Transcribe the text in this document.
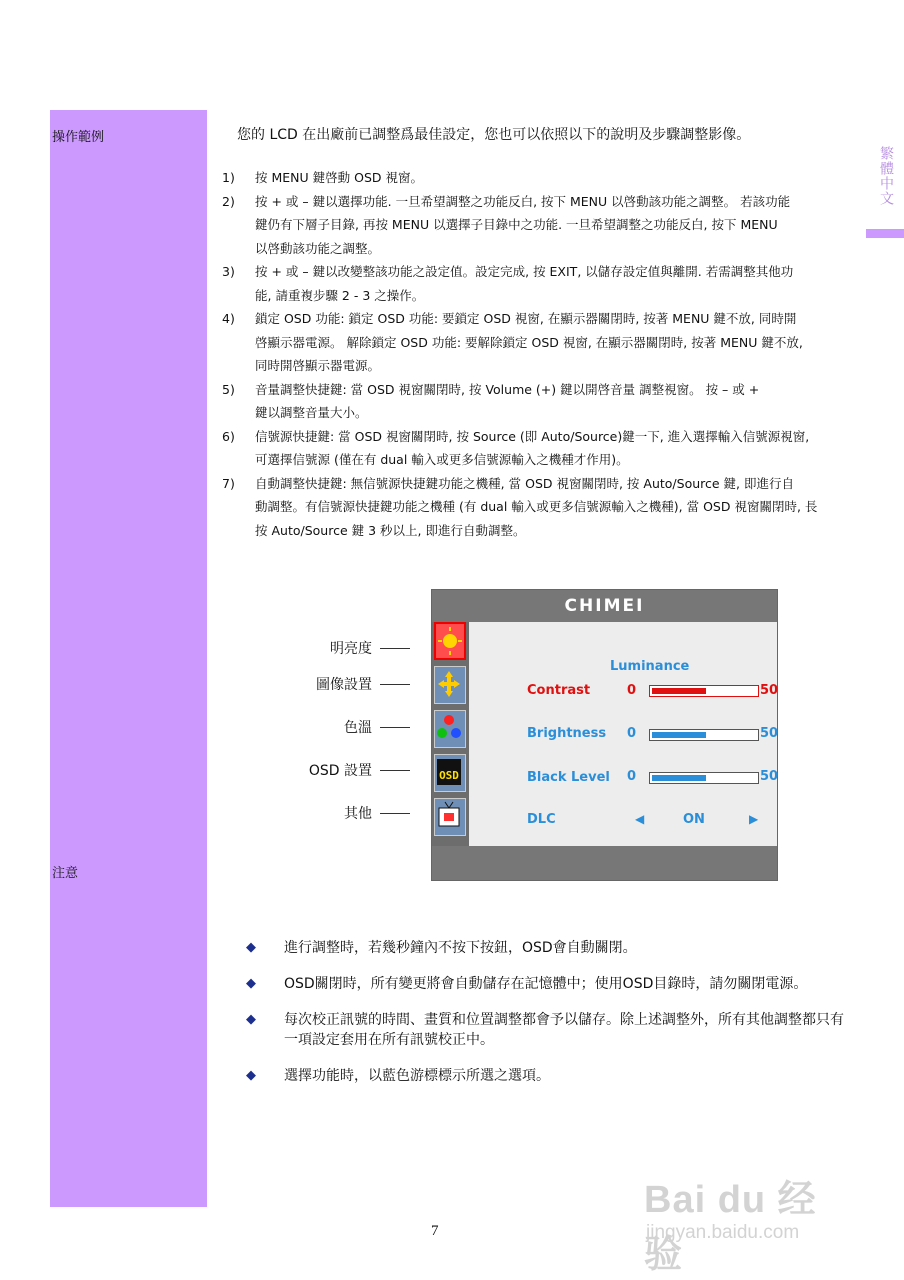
操作範例
注意
繁體中文
您的 LCD 在出廠前已調整爲最佳設定，您也可以依照以下的說明及步驟調整影像。
1)	按 MENU 鍵啓動 OSD 視窗。
2)	按 + 或 – 鍵以選擇功能. 一旦希望調整之功能反白, 按下 MENU 以啓動該功能之調整。 若該功能
鍵仍有下層子目錄, 再按 MENU 以選擇子目錄中之功能. 一旦希望調整之功能反白, 按下 MENU
以啓動該功能之調整。
3)	按 + 或 – 鍵以改變整該功能之設定值。設定完成, 按 EXIT, 以儲存設定值與離開. 若需調整其他功
能, 請重複步驟 2 - 3 之操作。
4)	鎖定 OSD 功能: 鎖定 OSD 功能: 要鎖定 OSD 視窗, 在顯示器關閉時, 按著 MENU 鍵不放, 同時開
啓顯示器電源。 解除鎖定 OSD 功能: 要解除鎖定 OSD 視窗, 在顯示器關閉時, 按著 MENU 鍵不放,
同時開啓顯示器電源。
5)	音量調整快捷鍵: 當 OSD 視窗關閉時, 按 Volume (+) 鍵以開啓音量 調整視窗。 按 – 或 +
鍵以調整音量大小。
6)	信號源快捷鍵: 當 OSD 視窗關閉時, 按 Source (即 Auto/Source)鍵一下, 進入選擇輸入信號源視窗,
可選擇信號源 (僅在有 dual 輸入或更多信號源輸入之機種才作用)。
7)	自動調整快捷鍵: 無信號源快捷鍵功能之機種, 當 OSD 視窗關閉時, 按 Auto/Source 鍵, 即進行自
動調整。有信號源快捷鍵功能之機種 (有 dual 輸入或更多信號源輸入之機種), 當 OSD 視窗關閉時, 長
按 Auto/Source 鍵 3 秒以上, 即進行自動調整。
明亮度
圖像設置
色溫
OSD 設置
其他
CHIMEI
OSD
Luminance
Contrast	0	50
Brightness 0	50
Black Level 0	50
DLC	◀	ON	▶
◆ 進行調整時，若幾秒鐘內不按下按鈕，OSD會自動關閉。
◆ OSD關閉時，所有變更將會自動儲存在記憶體中；使用OSD目錄時，請勿關閉電源。
◆ 每次校正訊號的時間、畫質和位置調整都會予以儲存。除上述調整外，所有其他調整都只有一項設定套用在所有訊號校正中。
◆ 選擇功能時，以藍色游標標示所選之選項。
7
Bai du 经验
jingyan.baidu.com
